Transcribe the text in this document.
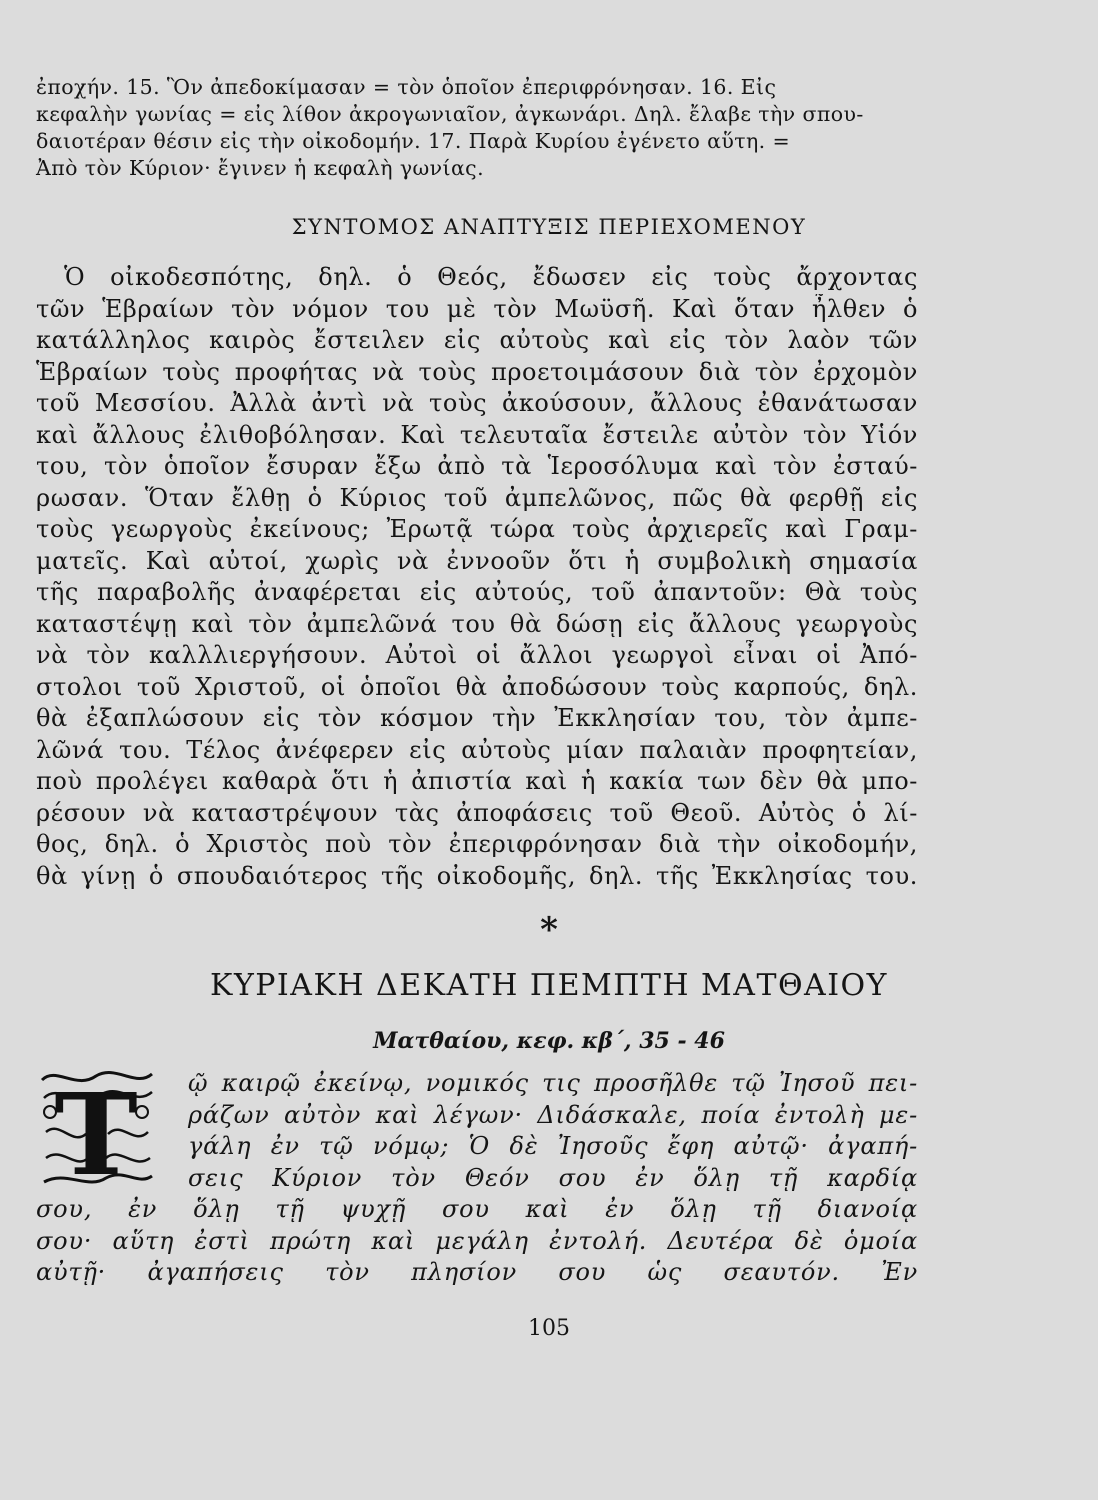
ἐποχήν. 15. Ὃν ἀπεδοκίμασαν = τὸν ὁποῖον ἐπεριφρόνησαν. 16. Εἰς
κεφαλὴν γωνίας = εἰς λίθον ἀκρογωνιαῖον, ἀγκωνάρι. Δηλ. ἔλαβε τὴν σπου-
δαιοτέραν θέσιν εἰς τὴν οἰκοδομήν. 17. Παρὰ Κυρίου ἐγένετο αὕτη. =
Ἀπὸ τὸν Κύριον· ἔγινεν ἡ κεφαλὴ γωνίας.
ΣΥΝΤΟΜΟΣ ΑΝΑΠΤΥΞΙΣ ΠΕΡΙΕΧΟΜΕΝΟΥ
Ὁ οἰκοδεσπότης, δηλ. ὁ Θεός, ἔδωσεν εἰς τοὺς ἄρχοντας
τῶν Ἑβραίων τὸν νόμον του μὲ τὸν Μωϋσῆ. Καὶ ὅταν ἦλθεν ὁ
κατάλληλος καιρὸς ἔστειλεν εἰς αὐτοὺς καὶ εἰς τὸν λαὸν τῶν
Ἑβραίων τοὺς προφήτας νὰ τοὺς προετοιμάσουν διὰ τὸν ἐρχομὸν
τοῦ Μεσσίου. Ἀλλὰ ἀντὶ νὰ τοὺς ἀκούσουν, ἄλλους ἐθανάτωσαν
καὶ ἄλλους ἐλιθοβόλησαν. Καὶ τελευταῖα ἔστειλε αὐτὸν τὸν Υἱόν
του, τὸν ὁποῖον ἔσυραν ἔξω ἀπὸ τὰ Ἱεροσόλυμα καὶ τὸν ἐσταύ-
ρωσαν. Ὅταν ἔλθῃ ὁ Κύριος τοῦ ἀμπελῶνος, πῶς θὰ φερθῇ εἰς
τοὺς γεωργοὺς ἐκείνους; Ἐρωτᾷ τώρα τοὺς ἀρχιερεῖς καὶ Γραμ-
ματεῖς. Καὶ αὐτοί, χωρὶς νὰ ἐννοοῦν ὅτι ἡ συμβολικὴ σημασία
τῆς παραβολῆς ἀναφέρεται εἰς αὐτούς, τοῦ ἀπαντοῦν: Θὰ τοὺς
καταστέψῃ καὶ τὸν ἀμπελῶνά του θὰ δώσῃ εἰς ἄλλους γεωργοὺς
νὰ τὸν καλλλιεργήσουν. Αὐτοὶ οἱ ἄλλοι γεωργοὶ εἶναι οἱ Ἀπό-
στολοι τοῦ Χριστοῦ, οἱ ὁποῖοι θὰ ἀποδώσουν τοὺς καρπούς, δηλ.
θὰ ἐξαπλώσουν εἰς τὸν κόσμον τὴν Ἐκκλησίαν του, τὸν ἀμπε-
λῶνά του. Τέλος ἀνέφερεν εἰς αὐτοὺς μίαν παλαιὰν προφητείαν,
ποὺ προλέγει καθαρὰ ὅτι ἡ ἀπιστία καὶ ἡ κακία των δὲν θὰ μπο-
ρέσουν νὰ καταστρέψουν τὰς ἀποφάσεις τοῦ Θεοῦ. Αὐτὸς ὁ λί-
θος, δηλ. ὁ Χριστὸς ποὺ τὸν ἐπεριφρόνησαν διὰ τὴν οἰκοδομήν,
θὰ γίνῃ ὁ σπουδαιότερος τῆς οἰκοδομῆς, δηλ. τῆς Ἐκκλησίας του.
*
ΚΥΡΙΑΚΗ ΔΕΚΑΤΗ ΠΕΜΠΤΗ ΜΑΤΘΑΙΟΥ
Ματθαίου, κεφ. κβ΄, 35 - 46
Τ	ῷ καιρῷ ἐκείνῳ, νομικός τις προσῆλθε τῷ Ἰησοῦ πει-
ράζων αὐτὸν καὶ λέγων· Διδάσκαλε, ποία ἐντολὴ με-
γάλη ἐν τῷ νόμῳ; Ὁ δὲ Ἰησοῦς ἔφη αὐτῷ· ἀγαπή-
σεις Κύριον τὸν Θεόν σου ἐν ὅλῃ τῇ καρδίᾳ
σου, ἐν ὅλῃ τῇ ψυχῇ σου καὶ ἐν ὅλῃ τῇ διανοίᾳ
σου· αὕτη ἐστὶ πρώτη καὶ μεγάλη ἐντολή. Δευτέρα δὲ ὁμοία
αὐτῇ· ἀγαπήσεις τὸν πλησίον σου ὡς σεαυτόν. Ἐν
105
